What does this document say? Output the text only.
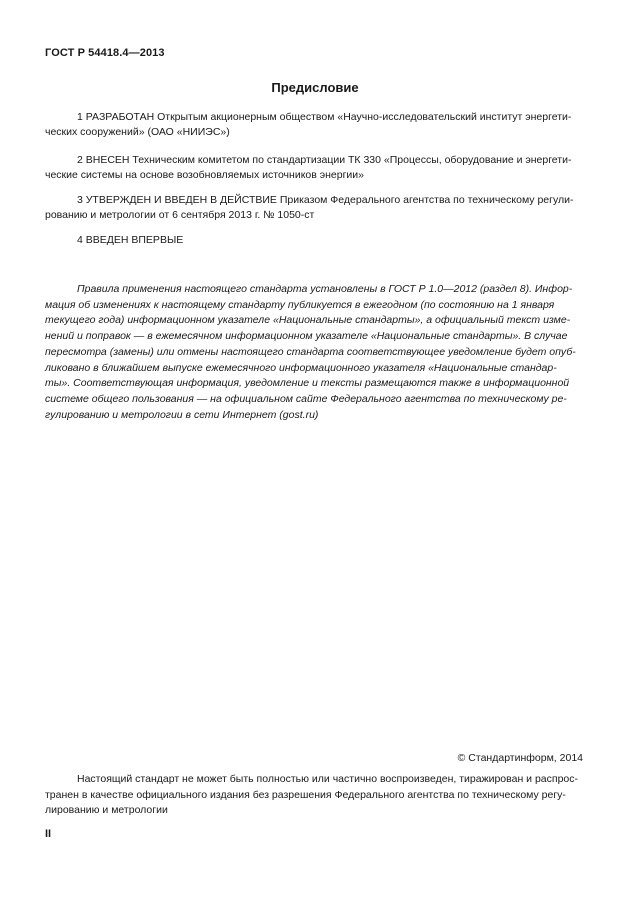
ГОСТ Р 54418.4—2013
Предисловие
1 РАЗРАБОТАН Открытым акционерным обществом «Научно-исследовательский институт энергети-
ческих сооружений» (ОАО «НИИЭС»)
2 ВНЕСЕН Техническим комитетом по стандартизации ТК 330 «Процессы, оборудование и энергети-
ческие системы на основе возобновляемых источников энергии»
3 УТВЕРЖДЕН И ВВЕДЕН В ДЕЙСТВИЕ Приказом Федерального агентства по техническому регули-
рованию и метрологии от 6 сентября 2013 г. № 1050-ст
4 ВВЕДЕН ВПЕРВЫЕ
Правила применения настоящего стандарта установлены в ГОСТ Р 1.0—2012 (раздел 8). Инфор-
мация об изменениях к настоящему стандарту публикуется в ежегодном (по состоянию на 1 января
текущего года) информационном указателе «Национальные стандарты», а официальный текст измe-
нений и поправок — в ежемесячном информационном указателе «Национальные стандарты». В случае
пересмотра (замены) или отмены настоящего стандарта соответствующее уведомление будет опуб-
ликовано в ближайшем выпуске ежемесячного информационного указателя «Национальные стандар-
ты». Соответствующая информация, уведомление и тексты размещаются также в информационной
системе общего пользования — на официальном сайте Федерального агентства по техническому ре-
гулированию и метрологии в сети Интернет (gost.ru)
© Стандартинформ, 2014
Настоящий стандарт не может быть полностью или частично воспроизведен, тиражирован и распрос-
транен в качестве официального издания без разрешения Федерального агентства по техническому регу-
лированию и метрологии
II
